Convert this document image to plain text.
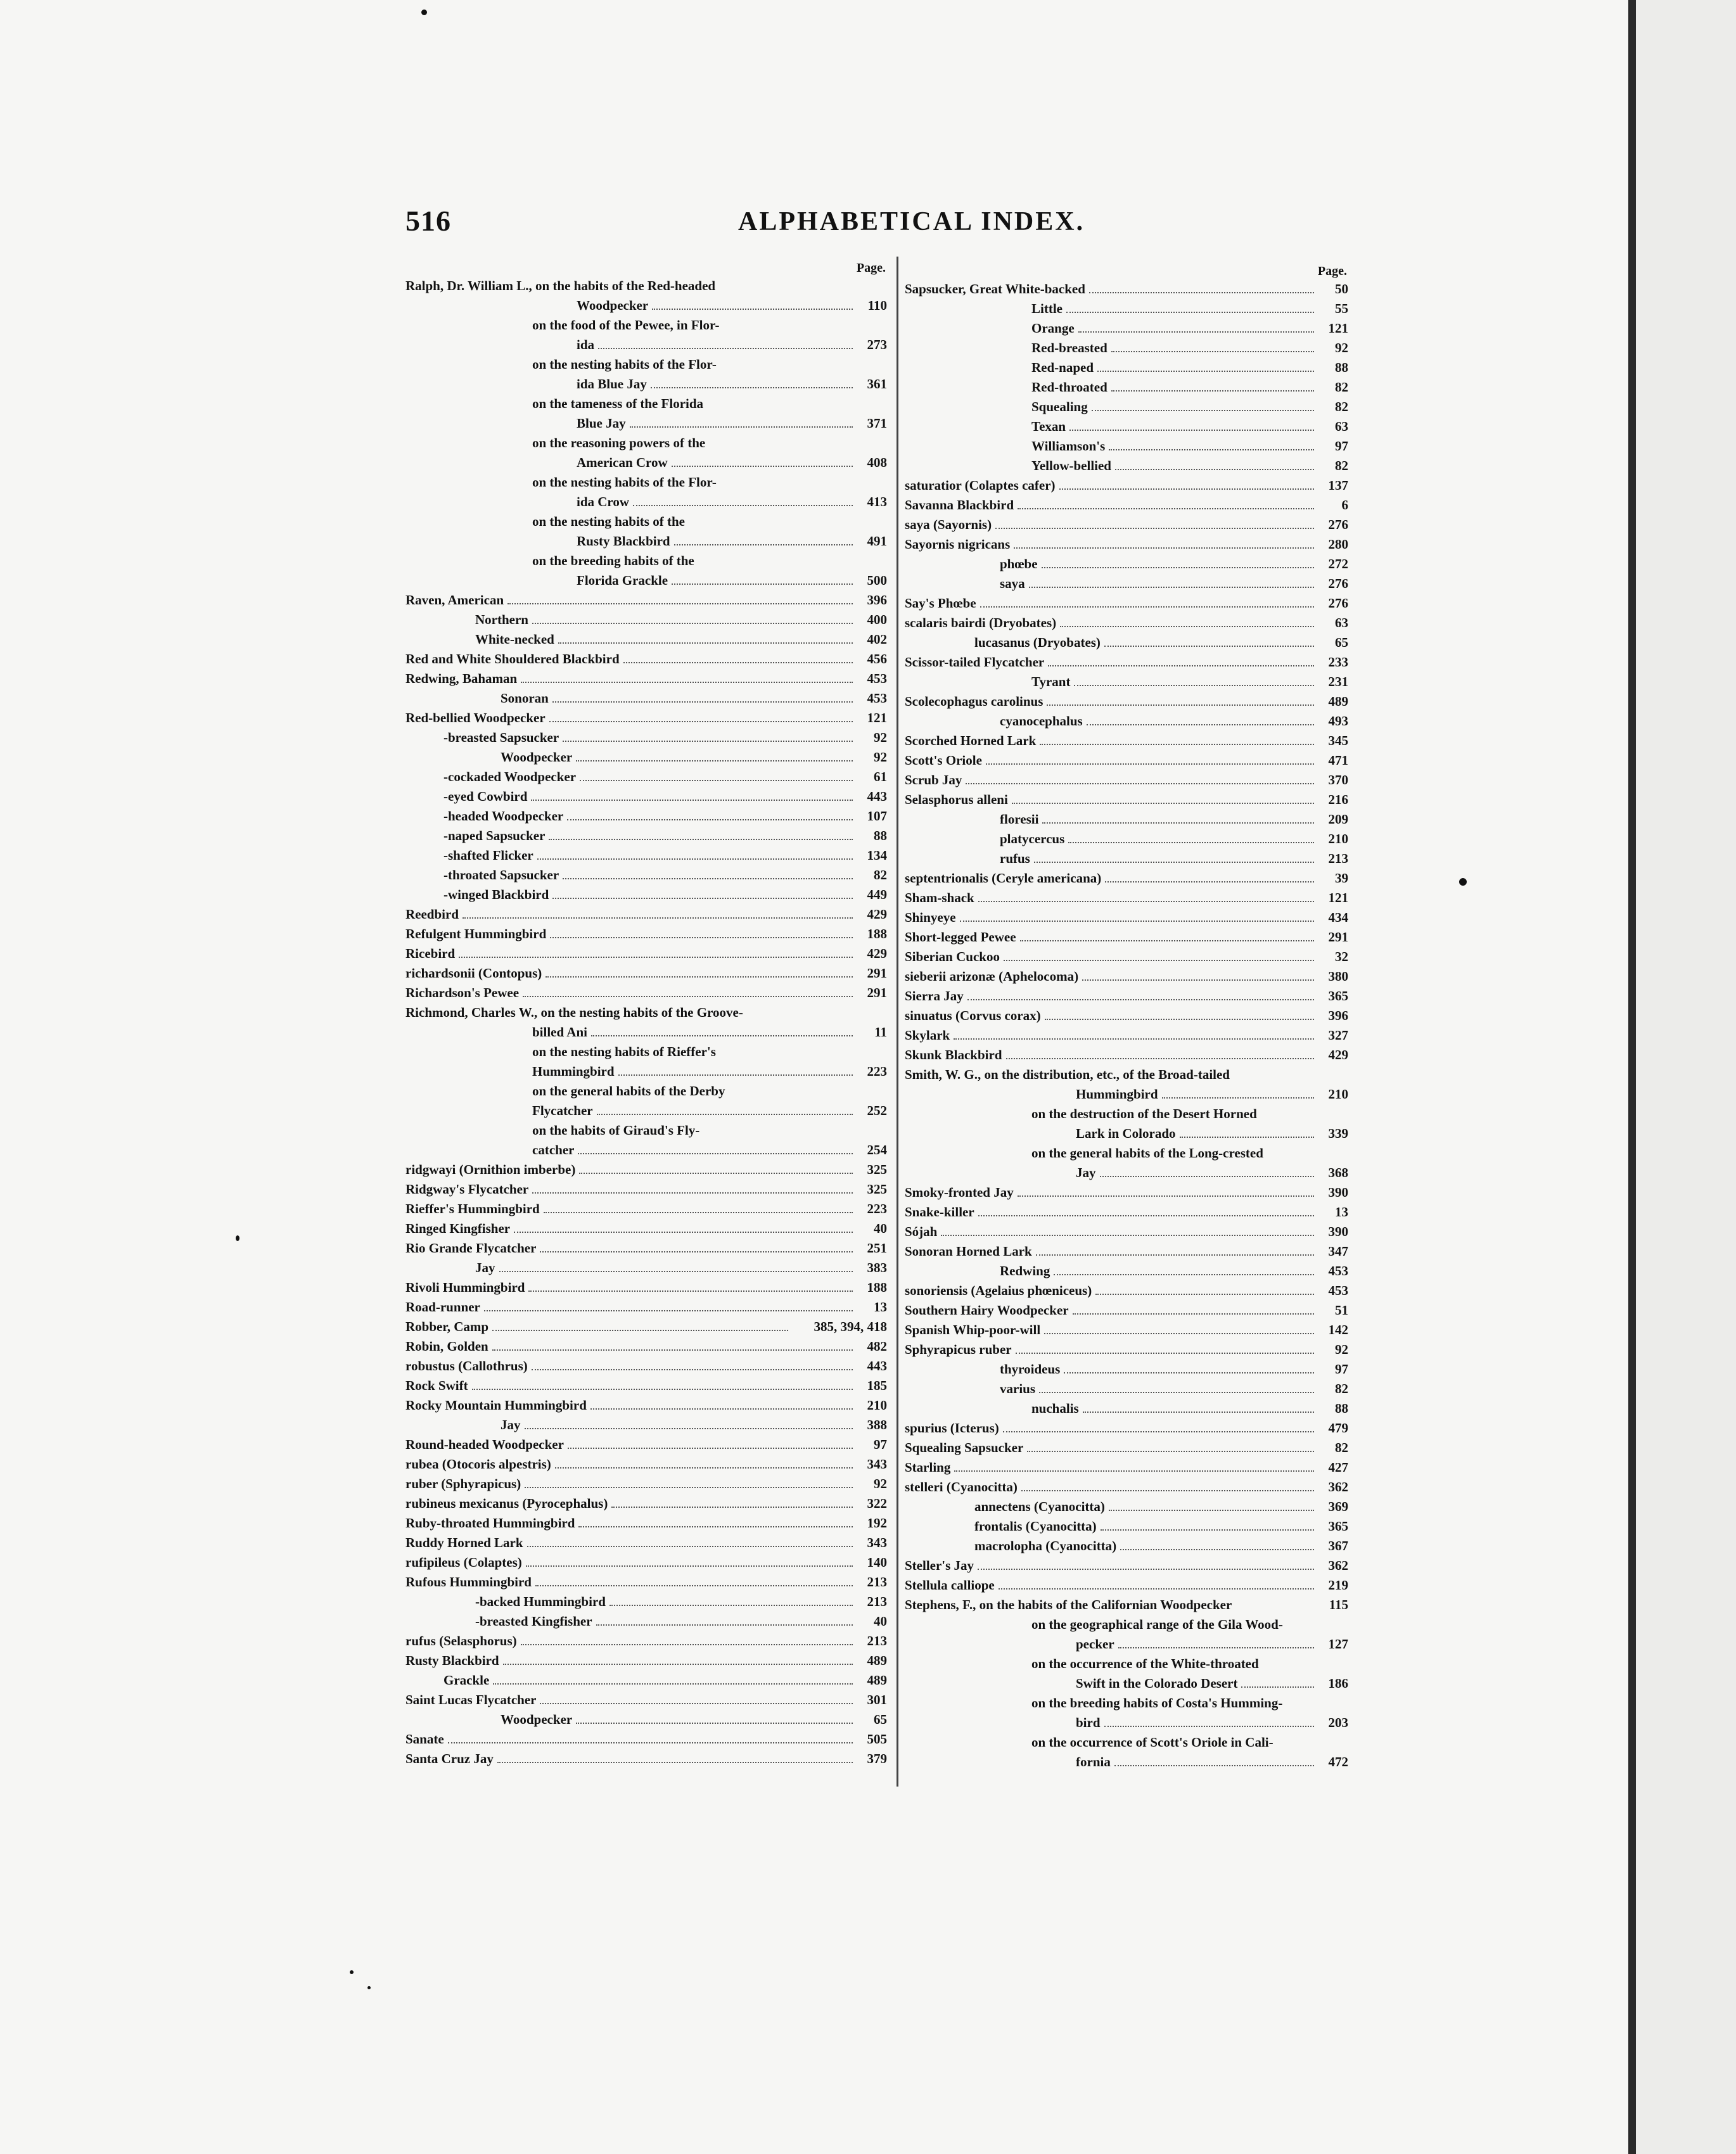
516	ALPHABETICAL INDEX.
Page.
Ralph, Dr. William L., on the habits of the Red-headed
Woodpecker	110
on the food of the Pewee, in Flor-
ida	273
on the nesting habits of the Flor-
ida Blue Jay	361
on the tameness of the Florida
Blue Jay	371
on the reasoning powers of the
American Crow	408
on the nesting habits of the Flor-
ida Crow	413
on the nesting habits of the
Rusty Blackbird	491
on the breeding habits of the
Florida Grackle	500
Raven, American	396
Northern	400
White-necked	402
Red and White Shouldered Blackbird	456
Redwing, Bahaman	453
Sonoran	453
Red-bellied Woodpecker	121
-breasted Sapsucker	92
Woodpecker	92
-cockaded Woodpecker	61
-eyed Cowbird	443
-headed Woodpecker	107
-naped Sapsucker	88
-shafted Flicker	134
-throated Sapsucker	82
-winged Blackbird	449
Reedbird	429
Refulgent Hummingbird	188
Ricebird	429
richardsonii (Contopus)	291
Richardson's Pewee	291
Richmond, Charles W., on the nesting habits of the Groove-
billed Ani	11
on the nesting habits of Rieffer's
Hummingbird	223
on the general habits of the Derby
Flycatcher	252
on the habits of Giraud's Fly-
catcher	254
ridgwayi (Ornithion imberbe)	325
Ridgway's Flycatcher	325
Rieffer's Hummingbird	223
Ringed Kingfisher	40
Rio Grande Flycatcher	251
Jay	383
Rivoli Hummingbird	188
Road-runner	13
Robber, Camp	385, 394, 418
Robin, Golden	482
robustus (Callothrus)	443
Rock Swift	185
Rocky Mountain Hummingbird	210
Jay	388
Round-headed Woodpecker	97
rubea (Otocoris alpestris)	343
ruber (Sphyrapicus)	92
rubineus mexicanus (Pyrocephalus)	322
Ruby-throated Hummingbird	192
Ruddy Horned Lark	343
rufipileus (Colaptes)	140
Rufous Hummingbird	213
-backed Hummingbird	213
-breasted Kingfisher	40
rufus (Selasphorus)	213
Rusty Blackbird	489
Grackle	489
Saint Lucas Flycatcher	301
Woodpecker	65
Sanate	505
Santa Cruz Jay	379
Page.
Sapsucker, Great White-backed	50
Little	55
Orange	121
Red-breasted	92
Red-naped	88
Red-throated	82
Squealing	82
Texan	63
Williamson's	97
Yellow-bellied	82
saturatior (Colaptes cafer)	137
Savanna Blackbird	6
saya (Sayornis)	276
Sayornis nigricans	280
phœbe	272
saya	276
Say's Phœbe	276
scalaris bairdi (Dryobates)	63
lucasanus (Dryobates)	65
Scissor-tailed Flycatcher	233
Tyrant	231
Scolecophagus carolinus	489
cyanocephalus	493
Scorched Horned Lark	345
Scott's Oriole	471
Scrub Jay	370
Selasphorus alleni	216
floresii	209
platycercus	210
rufus	213
septentrionalis (Ceryle americana)	39
Sham-shack	121
Shinyeye	434
Short-legged Pewee	291
Siberian Cuckoo	32
sieberii arizonæ (Aphelocoma)	380
Sierra Jay	365
sinuatus (Corvus corax)	396
Skylark	327
Skunk Blackbird	429
Smith, W. G., on the distribution, etc., of the Broad-tailed
Hummingbird	210
on the destruction of the Desert Horned
Lark in Colorado	339
on the general habits of the Long-crested
Jay	368
Smoky-fronted Jay	390
Snake-killer	13
Sójah	390
Sonoran Horned Lark	347
Redwing	453
sonoriensis (Agelaius phœniceus)	453
Southern Hairy Woodpecker	51
Spanish Whip-poor-will	142
Sphyrapicus ruber	92
thyroideus	97
varius	82
nuchalis	88
spurius (Icterus)	479
Squealing Sapsucker	82
Starling	427
stelleri (Cyanocitta)	362
annectens (Cyanocitta)	369
frontalis (Cyanocitta)	365
macrolopha (Cyanocitta)	367
Steller's Jay	362
Stellula calliope	219
Stephens, F., on the habits of the Californian Woodpecker	115
on the geographical range of the Gila Wood-
pecker	127
on the occurrence of the White-throated
Swift in the Colorado Desert	186
on the breeding habits of Costa's Humming-
bird	203
on the occurrence of Scott's Oriole in Cali-
fornia	472
